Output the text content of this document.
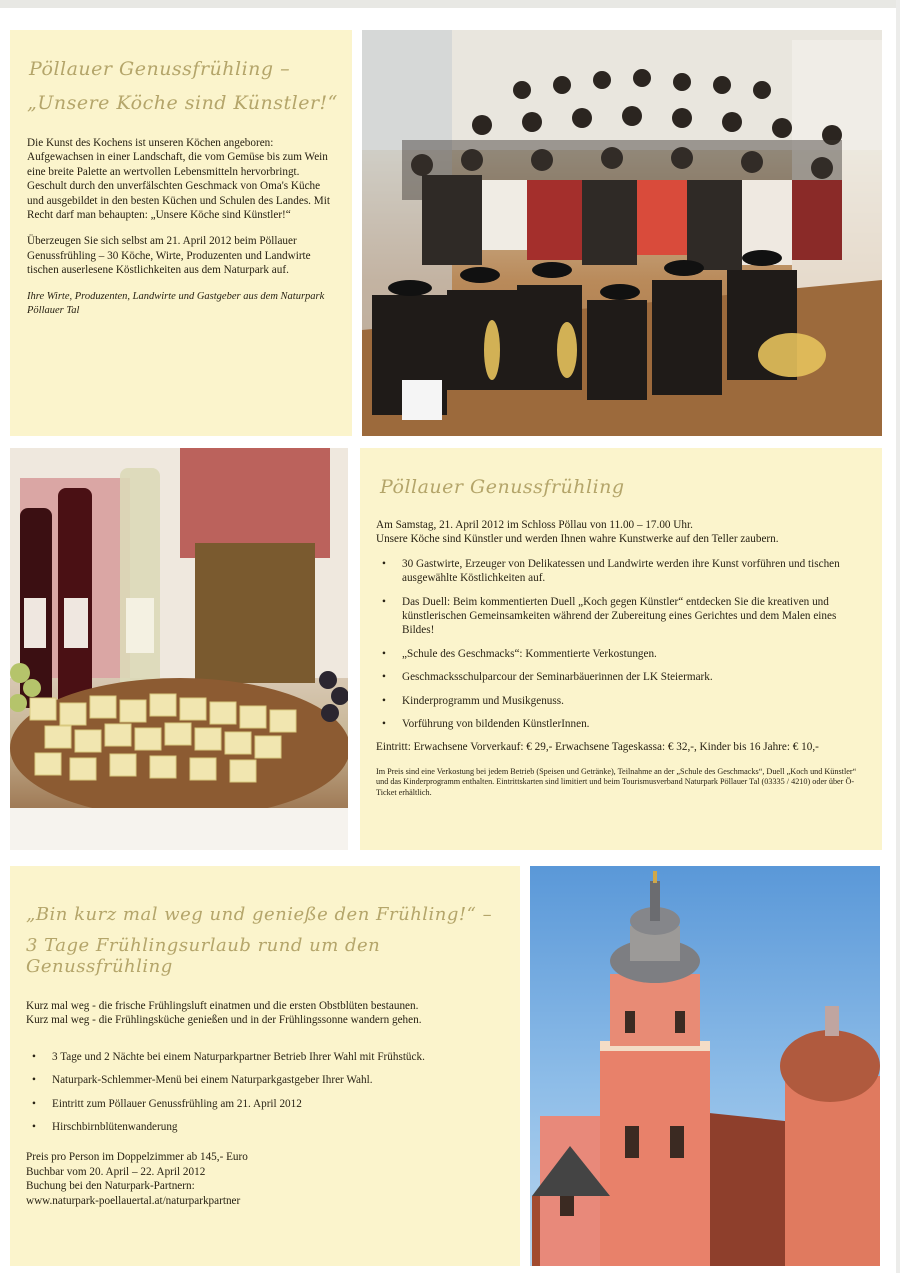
Pöllauer Genussfrühling –
„Unsere Köche sind Künstler!“

Die Kunst des Kochens ist unseren Köchen angeboren: Aufgewachsen in einer Landschaft, die vom Gemüse bis zum Wein eine breite Palette an wertvollen Lebensmitteln hervorbringt. Geschult durch den unverfälschten Geschmack von Oma's Küche und ausgebildet in den besten Küchen und Schulen des Landes. Mit Recht darf man behaupten: „Unsere Köche sind Künstler!“

Überzeugen Sie sich selbst am 21. April 2012 beim Pöllauer Genussfrühling – 30 Köche, Wirte, Produzenten und Landwirte tischen auserlesene Köstlichkeiten aus dem Naturpark auf.

Ihre Wirte, Produzenten, Landwirte und Gastgeber aus dem Naturpark Pöllauer Tal

Pöllauer Genussfrühling

Am Samstag, 21. April 2012 im Schloss Pöllau von 11.00 – 17.00 Uhr.

Unsere Köche sind Künstler und werden Ihnen wahre Kunstwerke auf den Teller zaubern.

• 30 Gastwirte, Erzeuger von Delikatessen und Landwirte werden ihre Kunst vorführen und tischen ausgewählte Köstlichkeiten auf.
• Das Duell: Beim kommentierten Duell „Koch gegen Künstler“ entdecken Sie die kreativen und künstlerischen Gemeinsamkeiten während der Zubereitung eines Gerichtes und dem Malen eines Bildes!
• „Schule des Geschmacks“: Kommentierte Verkostungen.
• Geschmacksschulparcour der Seminarbäuerinnen der LK Steiermark.
• Kinderprogramm und Musikgenuss.
• Vorführung von bildenden KünstlerInnen.

Eintritt: Erwachsene Vorverkauf: € 29,- Erwachsene Tageskassa: € 32,-, Kinder bis 16 Jahre: € 10,-

Im Preis sind eine Verkostung bei jedem Betrieb (Speisen und Getränke), Teilnahme an der „Schule des Geschmacks“, Duell „Koch und Künstler“ und das Kinderprogramm enthalten. Eintrittskarten sind limitiert und beim Tourismusverband Naturpark Pöllauer Tal (03335 / 4210) oder über Ö-Ticket erhältlich.

„Bin kurz mal weg und genieße den Frühling!“ –
3 Tage Frühlingsurlaub rund um den Genussfrühling

Kurz mal weg - die frische Frühlingsluft einatmen und die ersten Obstblüten bestaunen.

Kurz mal weg - die Frühlingsküche genießen und in der Frühlingssonne wandern gehen.

• 3 Tage und 2 Nächte bei einem Naturparkpartner Betrieb Ihrer Wahl mit Frühstück.
• Naturpark-Schlemmer-Menü bei einem Naturparkgastgeber Ihrer Wahl.
• Eintritt zum Pöllauer Genussfrühling am 21. April 2012
• Hirschbirnblütenwanderung

Preis pro Person im Doppelzimmer ab 145,- Euro

Buchbar vom 20. April – 22. April 2012

Buchung bei den Naturpark-Partnern:

www.naturpark-poellauertal.at/naturparkpartner
